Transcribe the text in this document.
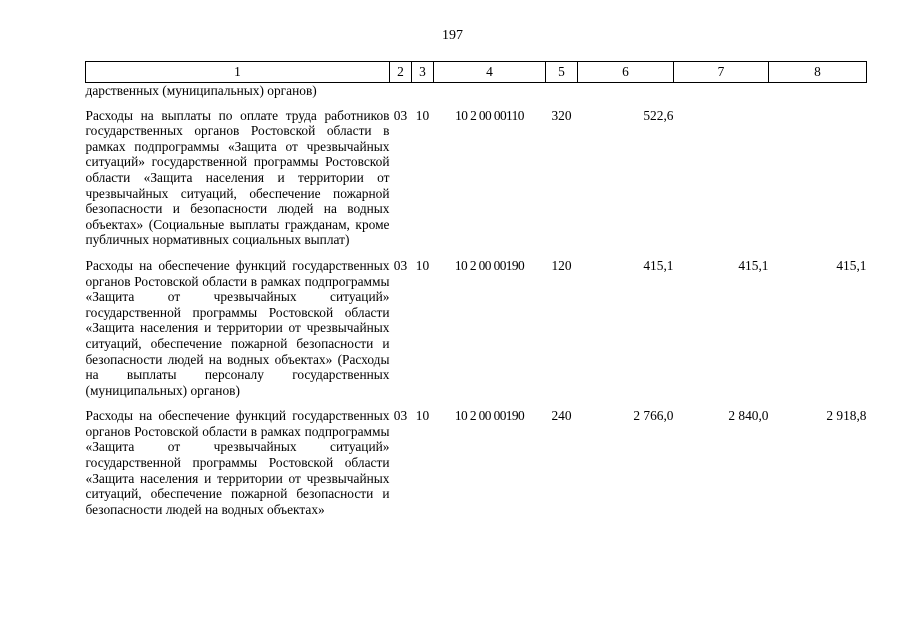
197
1	2	3	4	5	6	7	8
дарственных (муниципальных) органов)							
Расходы на выплаты по оплате труда работников государственных органов Ростовской области в рамках подпрограммы «Защита от чрезвычайных ситуаций» государственной программы Ростовской области «Защита населения и территории от чрезвычайных ситуаций, обеспечение пожарной безопасности и безопасности людей на водных объектах» (Социальные выплаты гражданам, кроме публичных нормативных социальных выплат)	03	10	10 2 00 00110	320	522,6		
Расходы на обеспечение функций государственных органов Ростовской области в рамках подпрограммы «Защита от чрезвычайных ситуаций» государственной программы Ростовской области «Защита населения и территории от чрезвычайных ситуаций, обеспечение пожарной безопасности и безопасности людей на водных объектах» (Расходы на выплаты персоналу государственных (муниципальных) органов)	03	10	10 2 00 00190	120	415,1	415,1	415,1
Расходы на обеспечение функций государственных органов Ростовской области в рамках подпрограммы «Защита от чрезвычайных ситуаций» государственной программы Ростовской области «Защита населения и территории от чрезвычайных ситуаций, обеспечение пожарной безопасности и безопасности людей на водных объектах»	03	10	10 2 00 00190	240	2 766,0	2 840,0	2 918,8
